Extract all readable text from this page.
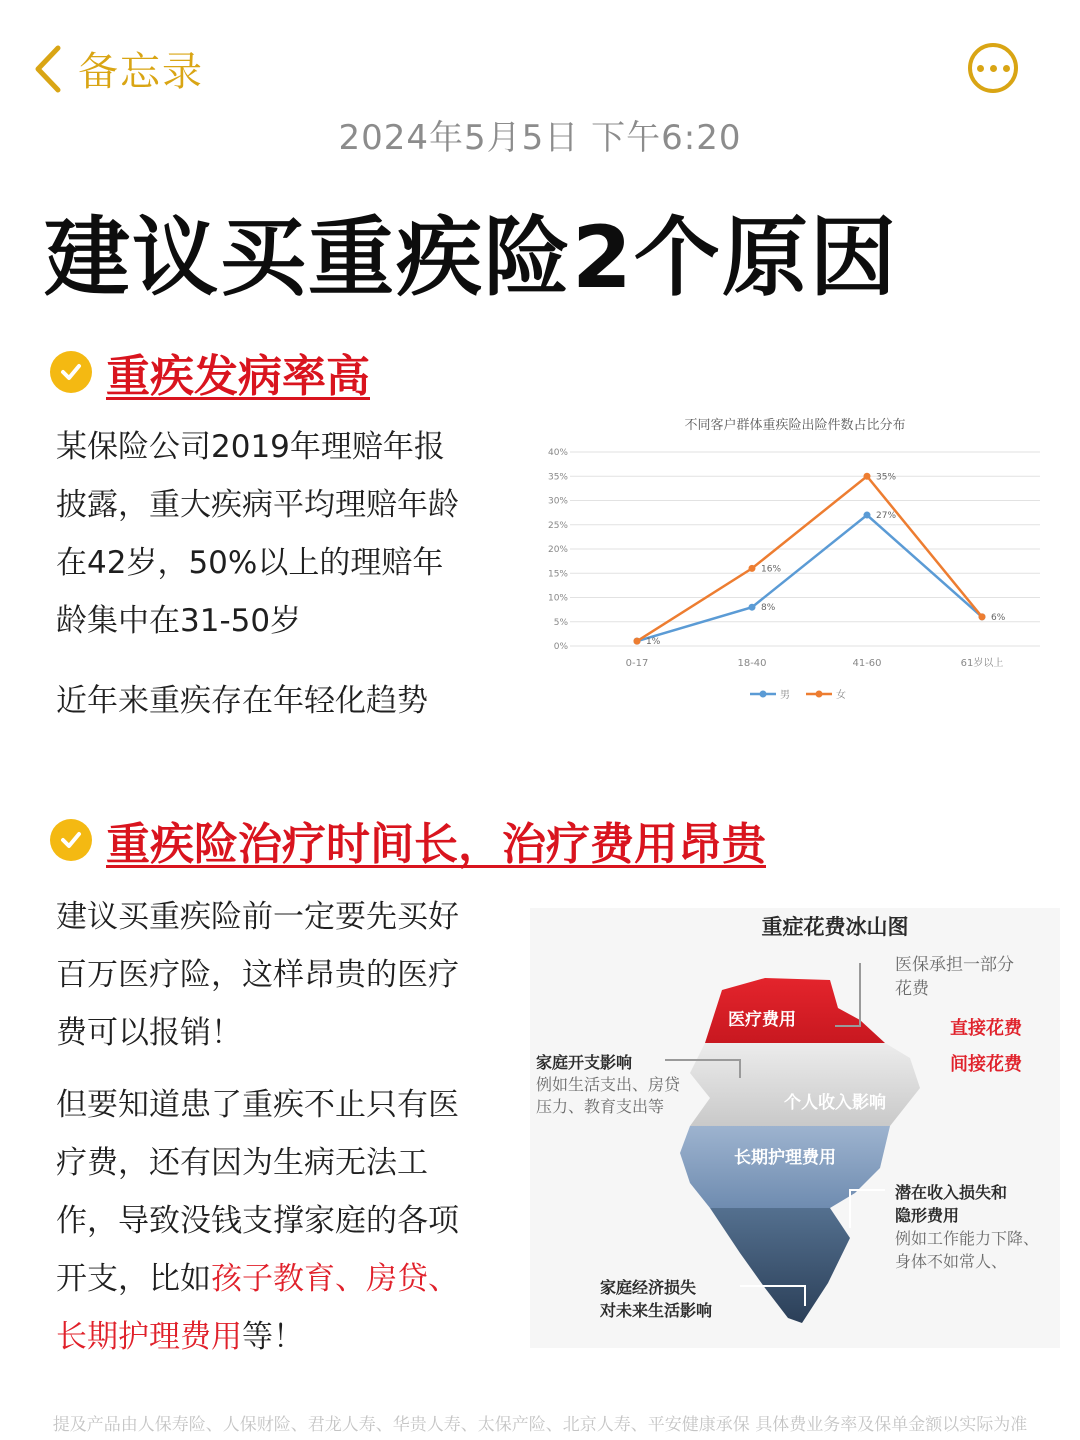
备忘录
2024年5月5日 下午6:20
建议买重疾险2个原因
重疾发病率高
某保险公司2019年理赔年报
披露，重大疾病平均理赔年龄
在42岁，50%以上的理赔年
龄集中在31-50岁
近年来重疾存在年轻化趋势
不同客户群体重疾险出险件数占比分布
0%
5%
10%
15%
20%
25%
30%
35%
40%
0-17	18-40	41-60	61岁以上
8%
27%
1%
16%
35%
6%
男	女
重疾险治疗时间长，治疗费用昂贵
建议买重疾险前一定要先买好
百万医疗险，这样昂贵的医疗
费可以报销！
但要知道患了重疾不止只有医
疗费，还有因为生病无法工
作，导致没钱支撑家庭的各项
开支，比如孩子教育、房贷、
长期护理费用等！
重症花费冰山图
医疗费用
个人收入影响
长期护理费用
医保承担一部分
花费
直接花费
间接花费
家庭开支影响
例如生活支出、房贷
压力、教育支出等
潜在收入损失和
隐形费用
例如工作能力下降、
身体不如常人、
家庭经济损失
对未来生活影响
提及产品由人保寿险、人保财险、君龙人寿、华贵人寿、太保产险、北京人寿、平安健康承保 具体费业务率及保单金额以实际为准
